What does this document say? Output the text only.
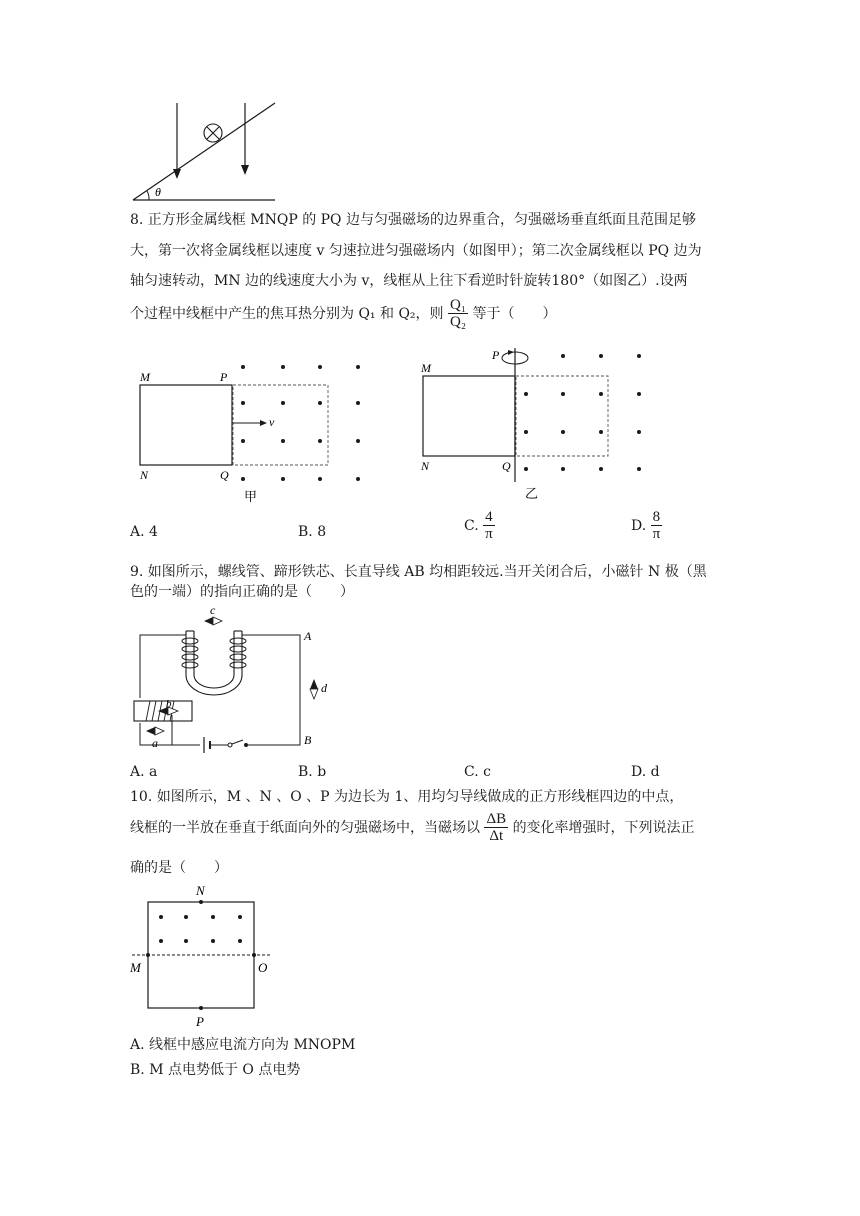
θ
8. 正方形金属线框 MNQP 的 PQ 边与匀强磁场的边界重合，匀强磁场垂直纸面且范围足够
大，第一次将金属线框以速度 v 匀速拉进匀强磁场内（如图甲）；第二次金属线框以 PQ 边为
轴匀速转动，MN 边的线速度大小为 v，线框从上往下看逆时针旋转180°（如图乙）.设两
个过程中线框中产生的焦耳热分别为 Q₁ 和 Q₂，则 $\frac{\text{Q₁}}{\text{Q₂}}$ 等于（　　）
M	P
N	Q
v
甲
M
P
N	Q
乙
A. 4	B. 8	C. $\frac{4}{\pi}$	D. $\frac{8}{\pi}$
9. 如图所示，螺线管、蹄形铁芯、长直导线 AB 均相距较远.当开关闭合后，小磁针 N 极（黑
色的一端）的指向正确的是（　　）
c
b
a
d
A
B
A. a	B. b	C. c	D. d
10. 如图所示，M 、N 、O 、P 为边长为 1、用均匀导线做成的正方形线框四边的中点，
线框的一半放在垂直于纸面向外的匀强磁场中，当磁场以 $\frac{\Delta B}{\Delta t}$ 的变化率增强时，下列说法正
确的是（　　）
N
M	O
P
A. 线框中感应电流方向为 MNOPM
B. M 点电势低于 O 点电势
